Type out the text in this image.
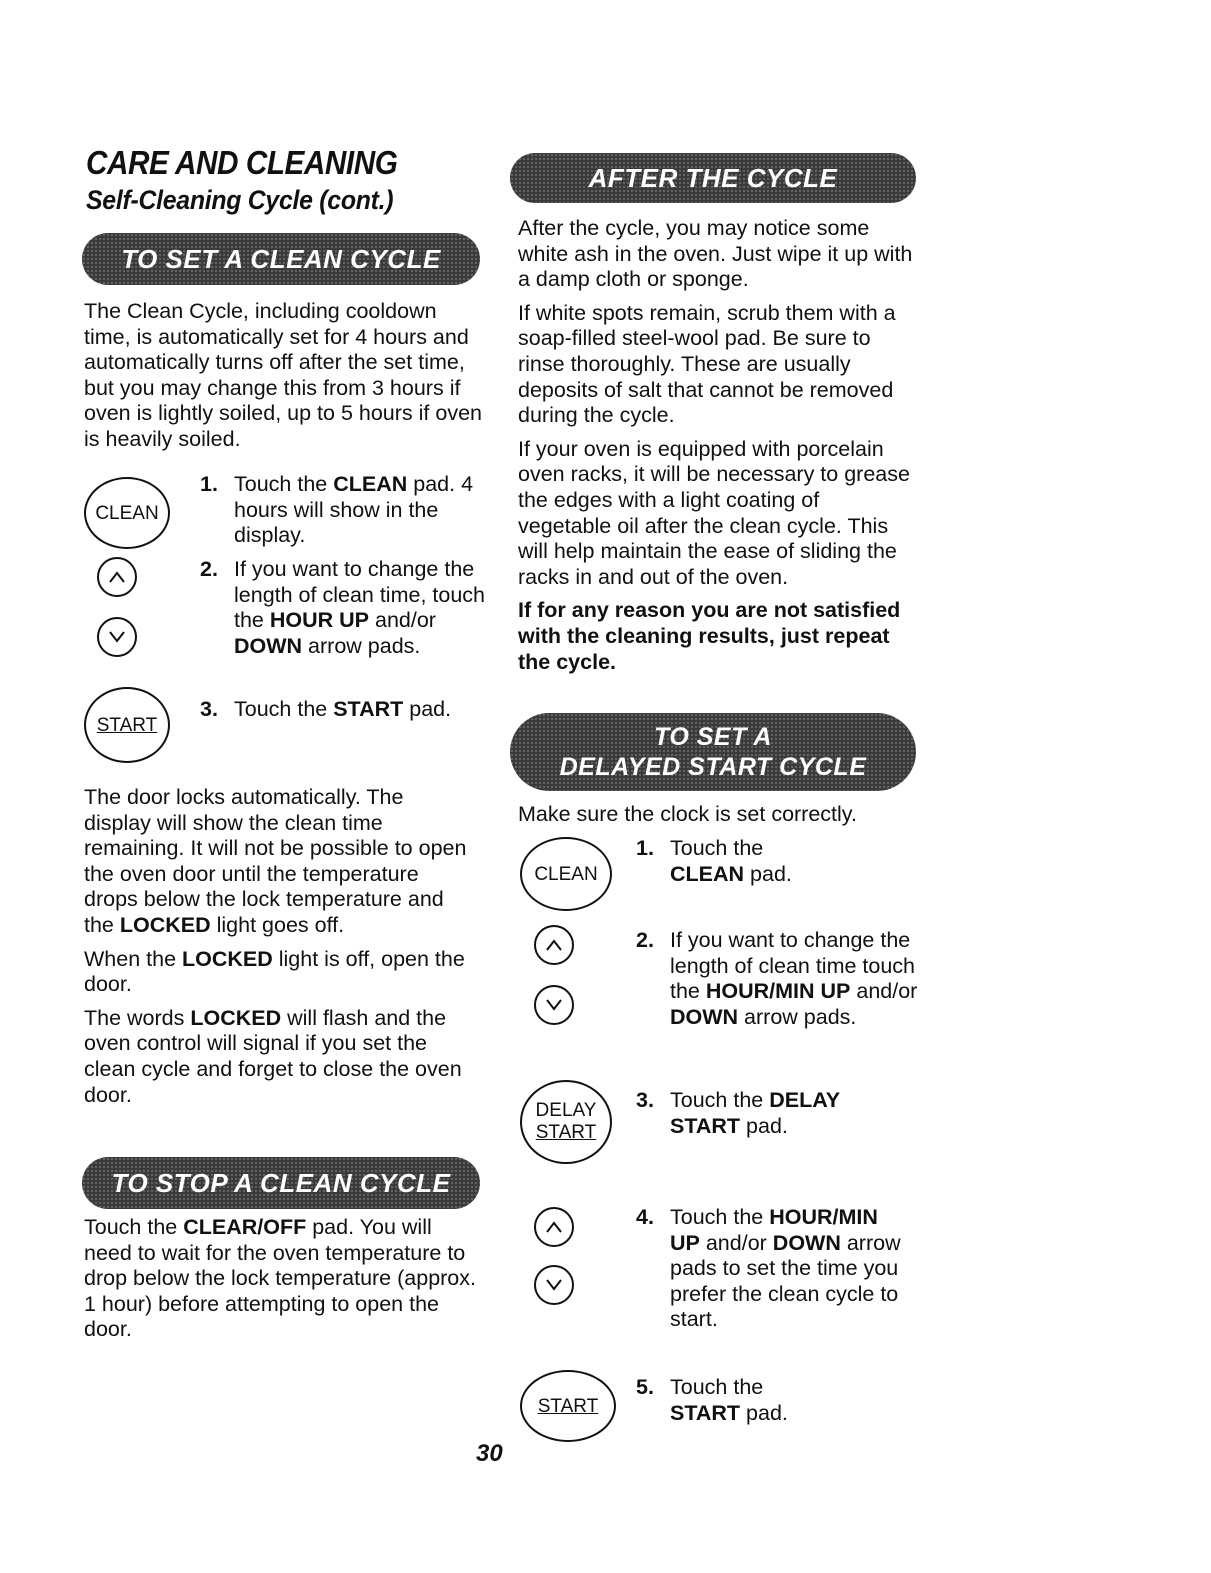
CARE AND CLEANING
Self-Cleaning Cycle (cont.)
TO SET A CLEAN CYCLE

The Clean Cycle, including cooldown time, is automatically set for 4 hours and automatically turns off after the set time, but you may change this from 3 hours if oven is lightly soiled, up to 5 hours if oven is heavily soiled.

CLEAN
START
1. Touch the CLEAN pad. 4 hours will show in the display.

2. If you want to change the length of clean time, touch the HOUR UP and/or DOWN arrow pads.

3. Touch the START pad.

The door locks automatically. The display will show the clean time remaining. It will not be possible to open the oven door until the temperature drops below the lock temperature and the LOCKED light goes off.

When the LOCKED light is off, open the door.

The words LOCKED will flash and the oven control will signal if you set the clean cycle and forget to close the oven door.

TO STOP A CLEAN CYCLE

Touch the CLEAR/OFF pad. You will need to wait for the oven temperature to drop below the lock temperature (approx. 1 hour) before attempting to open the door.

AFTER THE CYCLE

After the cycle, you may notice some white ash in the oven. Just wipe it up with a damp cloth or sponge.

If white spots remain, scrub them with a soap-filled steel-wool pad. Be sure to rinse thoroughly. These are usually deposits of salt that cannot be removed during the cycle.

If your oven is equipped with porcelain oven racks, it will be necessary to grease the edges with a light coating of vegetable oil after the clean cycle. This will help maintain the ease of sliding the racks in and out of the oven.

If for any reason you are not satisfied with the cleaning results, just repeat the cycle.

TO SET A
DELAYED START CYCLE

Make sure the clock is set correctly.

CLEAN
DELAY
START
START
1. Touch the CLEAN pad.

2. If you want to change the length of clean time touch the HOUR/MIN UP and/or DOWN arrow pads.

3. Touch the DELAY START pad.

4. Touch the HOUR/MIN UP and/or DOWN arrow pads to set the time you prefer the clean cycle to start.

5. Touch the START pad.

30
